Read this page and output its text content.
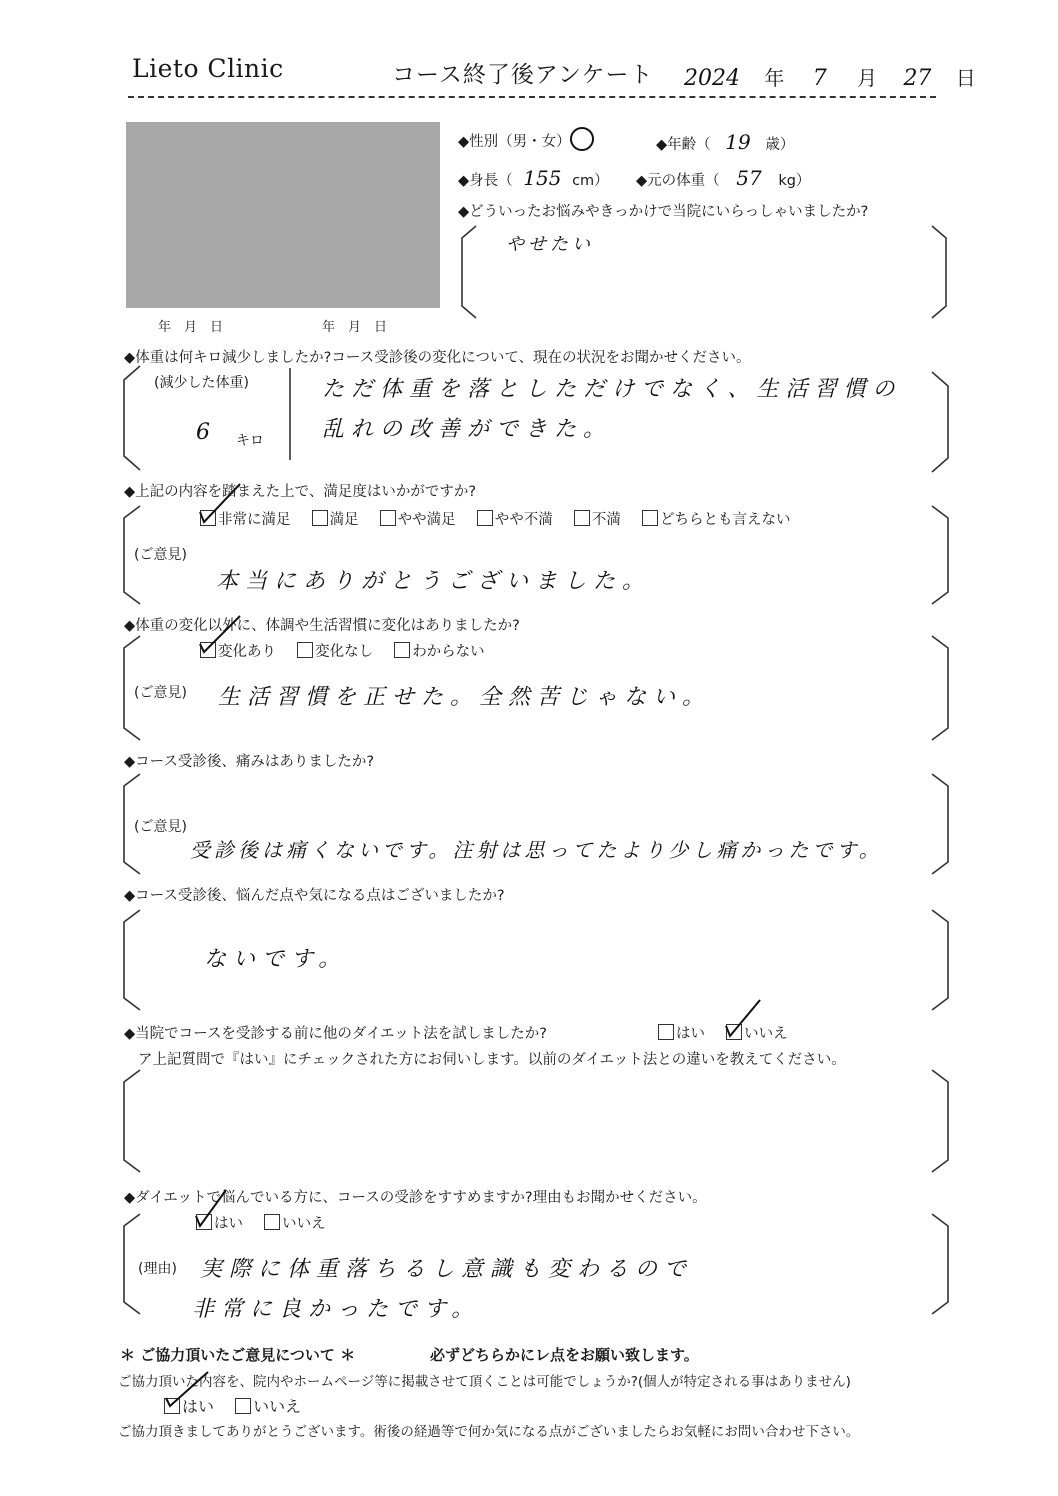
Lieto Clinic	コース終了後アンケート 2024 年 7 月 27 日
年　月　日	年　月　日
◆性別（男・女）	◆年齢（ 19 歳）
◆身長（ 155 cm） ◆元の体重（ 57 kg）
◆どういったお悩みやきっかけで当院にいらっしゃいましたか?
やせたい
◆体重は何キロ減少しましたか?コース受診後の変化について、現在の状況をお聞かせください。
(減少した体重)
6 キロ
ただ体重を落としただけでなく、生活習慣の
乱れの改善ができた。
◆上記の内容を踏まえた上で、満足度はいかがですか?
非常に満足	満足	やや満足	やや不満	不満	どちらとも言えない
(ご意見)
本当にありがとうございました。
◆体重の変化以外に、体調や生活習慣に変化はありましたか?
変化あり	変化なし	わからない
(ご意見) 生活習慣を正せた。全然苦じゃない。
◆コース受診後、痛みはありましたか?
(ご意見)
受診後は痛くないです。注射は思ってたより少し痛かったです。
◆コース受診後、悩んだ点や気になる点はございましたか?
ないです。
◆当院でコースを受診する前に他のダイエット法を試しましたか?	はい	いいえ
ア上記質問で『はい』にチェックされた方にお伺いします。以前のダイエット法との違いを教えてください。
◆ダイエットで悩んでいる方に、コースの受診をすすめますか?理由もお聞かせください。
はい	いいえ
(理由) 実際に体重落ちるし意識も変わるので
非常に良かったです。
＊ ご協力頂いたご意見について ＊	必ずどちらかにレ点をお願い致します。
ご協力頂いた内容を、院内やホームページ等に掲載させて頂くことは可能でしょうか?(個人が特定される事はありません)
はい いいえ
ご協力頂きましてありがとうございます。術後の経過等で何か気になる点がございましたらお気軽にお問い合わせ下さい。
